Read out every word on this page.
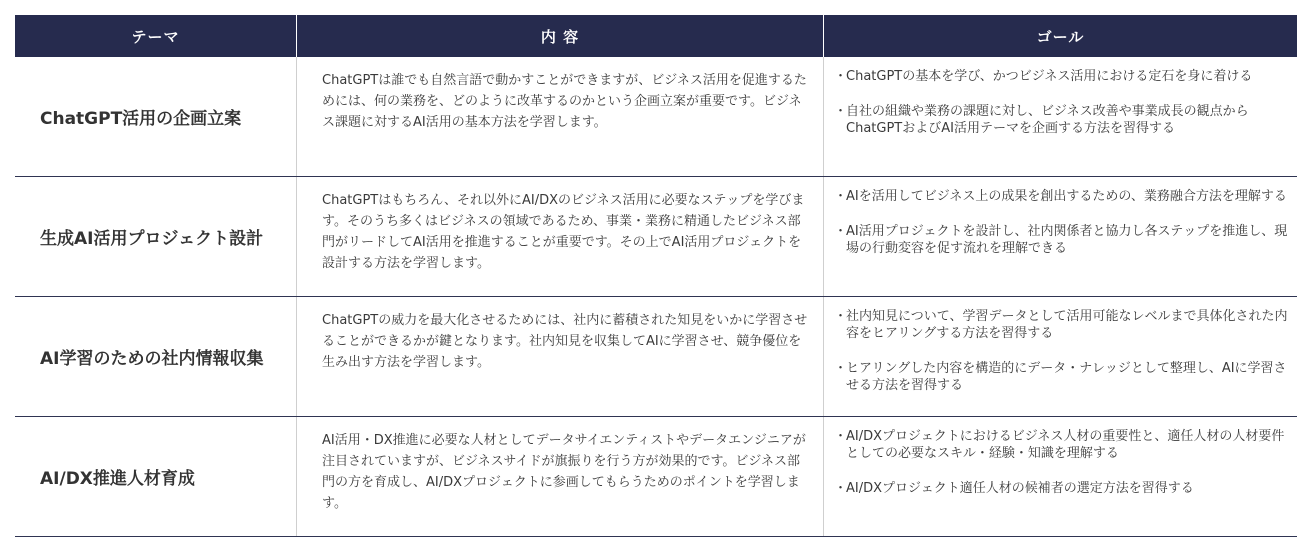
テーマ	内 容	ゴール
ChatGPT活用の企画立案
ChatGPTは誰でも自然言語で動かすことができますが、ビジネス活用を促進するためには、何の業務を、どのように改革するのかという企画立案が重要です。ビジネス課題に対するAI活用の基本方法を学習します。
・
ChatGPTの基本を学び、かつビジネス活用における定石を身に着ける
・
自社の組織や業務の課題に対し、ビジネス改善や事業成長の観点からChatGPTおよびAI活用テーマを企画する方法を習得する
生成AI活用プロジェクト設計
ChatGPTはもちろん、それ以外にAI/DXのビジネス活用に必要なステップを学びます。そのうち多くはビジネスの領域であるため、事業・業務に精通したビジネス部門がリードしてAI活用を推進することが重要です。その上でAI活用プロジェクトを設計する方法を学習します。
・
AIを活用してビジネス上の成果を創出するための、業務融合方法を理解する
・
AI活用プロジェクトを設計し、社内関係者と協力し各ステップを推進し、現場の行動変容を促す流れを理解できる
AI学習のための社内情報収集
ChatGPTの威力を最大化させるためには、社内に蓄積された知見をいかに学習させることができるかが鍵となります。社内知見を収集してAIに学習させ、競争優位を生み出す方法を学習します。
・
社内知見について、学習データとして活用可能なレベルまで具体化された内容をヒアリングする方法を習得する
・
ヒアリングした内容を構造的にデータ・ナレッジとして整理し、AIに学習させる方法を習得する
AI/DX推進人材育成
AI活用・DX推進に必要な人材としてデータサイエンティストやデータエンジニアが注目されていますが、ビジネスサイドが旗振りを行う方が効果的です。ビジネス部門の方を育成し、AI/DXプロジェクトに参画してもらうためのポイントを学習します。
・
AI/DXプロジェクトにおけるビジネス人材の重要性と、適任人材の人材要件としての必要なスキル・経験・知識を理解する
・
AI/DXプロジェクト適任人材の候補者の選定方法を習得する
